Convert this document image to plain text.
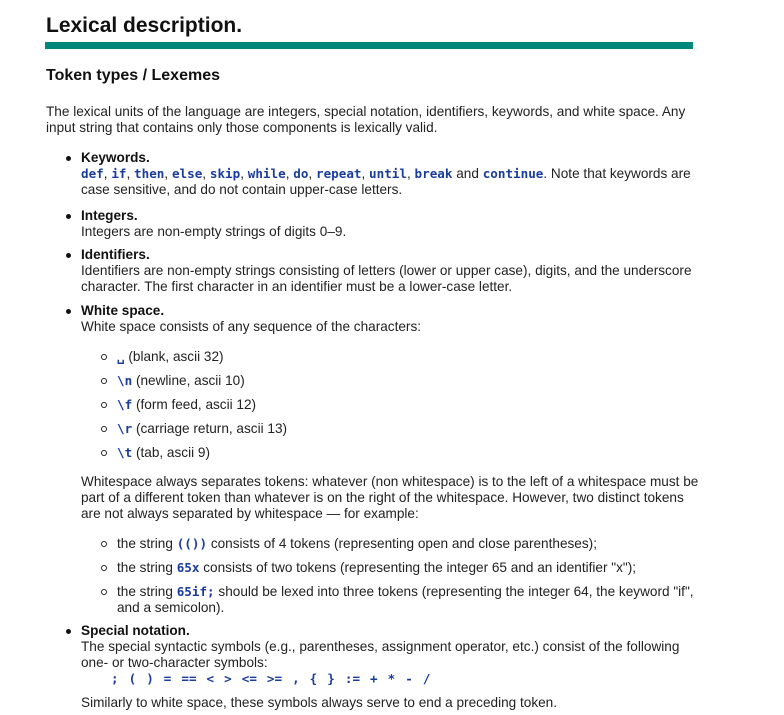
Lexical description.
Token types / Lexemes

The lexical units of the language are integers, special notation, identifiers, keywords, and white space. Any input string that contains only those components is lexically valid.

Keywords.
def, if, then, else, skip, while, do, repeat, until, break and continue. Note that keywords are case sensitive, and do not contain upper-case letters.
Integers.
Integers are non-empty strings of digits 0–9.
Identifiers.
Identifiers are non-empty strings consisting of letters (lower or upper case), digits, and the underscore character. The first character in an identifier must be a lower-case letter.
White space.
White space consists of any sequence of the characters:
␣ (blank, ascii 32)
\n (newline, ascii 10)
\f (form feed, ascii 12)
\r (carriage return, ascii 13)
\t (tab, ascii 9)
Whitespace always separates tokens: whatever (non whitespace) is to the left of a whitespace must be part of a different token than whatever is on the right of the whitespace. However, two distinct tokens are not always separated by whitespace — for example:
the string (()) consists of 4 tokens (representing open and close parentheses);
the string 65x consists of two tokens (representing the integer 65 and an identifier "x");
the string 65if; should be lexed into three tokens (representing the integer 64, the keyword "if", and a semicolon).
Special notation.
The special syntactic symbols (e.g., parentheses, assignment operator, etc.) consist of the following one- or two-character symbols:
; ( ) = == < > <= >= , { } := + * - /
Similarly to white space, these symbols always serve to end a preceding token.
